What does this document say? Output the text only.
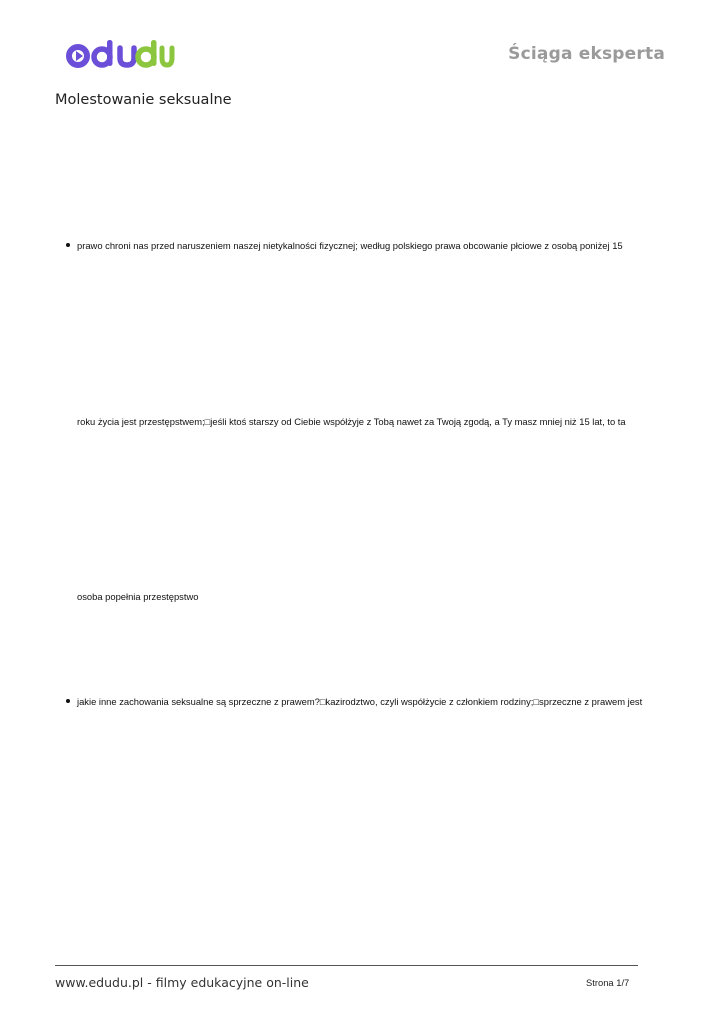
Ściąga eksperta
Molestowanie seksualne
prawo chroni nas przed naruszeniem naszej nietykalności fizycznej; według polskiego prawa obcowanie płciowe z osobą poniżej 15
roku życia jest przestępstwem;□jeśli ktoś starszy od Ciebie współżyje z Tobą nawet za Twoją zgodą, a Ty masz mniej niż 15 lat, to ta
osoba popełnia przestępstwo
jakie inne zachowania seksualne są sprzeczne z prawem?□kazirodztwo, czyli współżycie z członkiem rodziny;□sprzeczne z prawem jest
www.edudu.pl - filmy edukacyjne on-line	Strona 1/7
